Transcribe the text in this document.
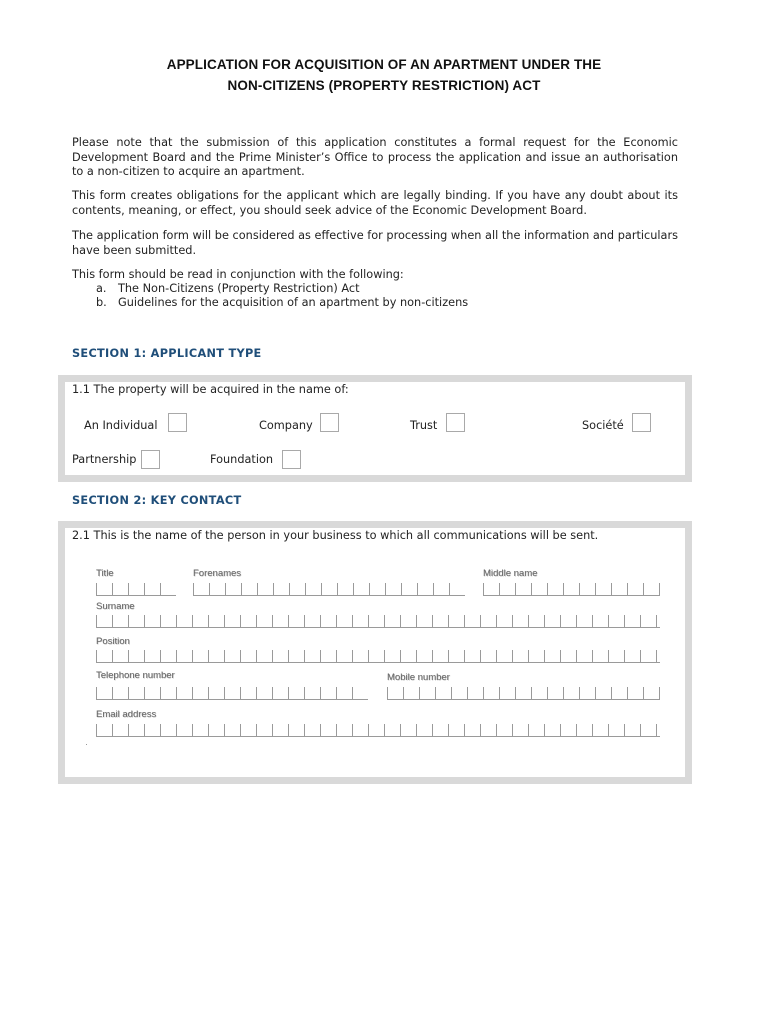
APPLICATION FOR ACQUISITION OF AN APARTMENT UNDER THE
NON-CITIZENS (PROPERTY RESTRICTION) ACT
Please note that the submission of this application constitutes a formal request for the Economic Development Board and the Prime Minister’s Office to process the application and issue an authorisation to a non-citizen to acquire an apartment.
This form creates obligations for the applicant which are legally binding. If you have any doubt about its contents, meaning, or effect, you should seek advice of the Economic Development Board.
The application form will be considered as effective for processing when all the information and particulars have been submitted.
This form should be read in conjunction with the following:
a. The Non-Citizens (Property Restriction) Act
b. Guidelines for the acquisition of an apartment by non-citizens
SECTION 1: APPLICANT TYPE
1.1 The property will be acquired in the name of:
An Individual	Company	Trust	Société
Partnership	Foundation
SECTION 2: KEY CONTACT
2.1 This is the name of the person in your business to which all communications will be sent.
Title	Forenames	Middle name
Surname
Position
Telephone number	Mobile number
Email address
